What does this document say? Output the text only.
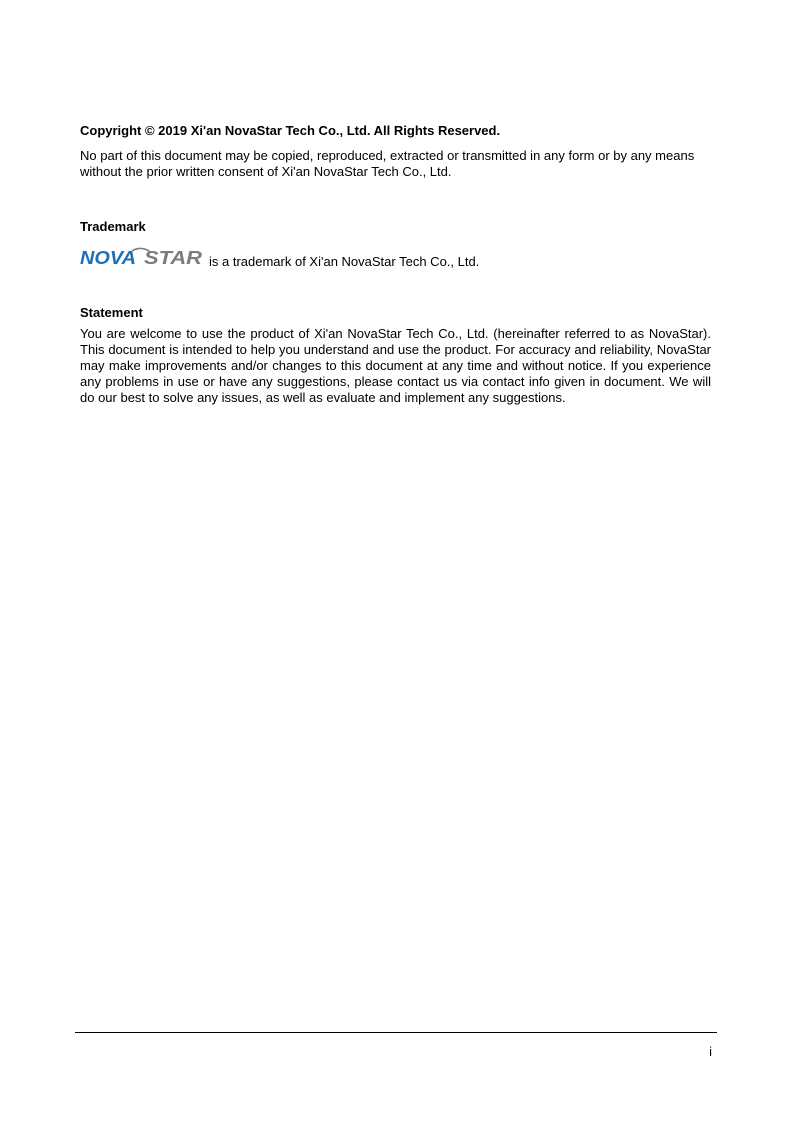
Copyright © 2019 Xi'an NovaStar Tech Co., Ltd. All Rights Reserved.

No part of this document may be copied, reproduced, extracted or transmitted in any form or by any means without the prior written consent of Xi'an NovaStar Tech Co., Ltd.

Trademark

NOVA STAR is a trademark of Xi'an NovaStar Tech Co., Ltd.

Statement

You are welcome to use the product of Xi'an NovaStar Tech Co., Ltd. (hereinafter referred to as NovaStar). This document is intended to help you understand and use the product. For accuracy and reliability, NovaStar may make improvements and/or changes to this document at any time and without notice. If you experience any problems in use or have any suggestions, please contact us via contact info given in document. We will do our best to solve any issues, as well as evaluate and implement any suggestions.

i
